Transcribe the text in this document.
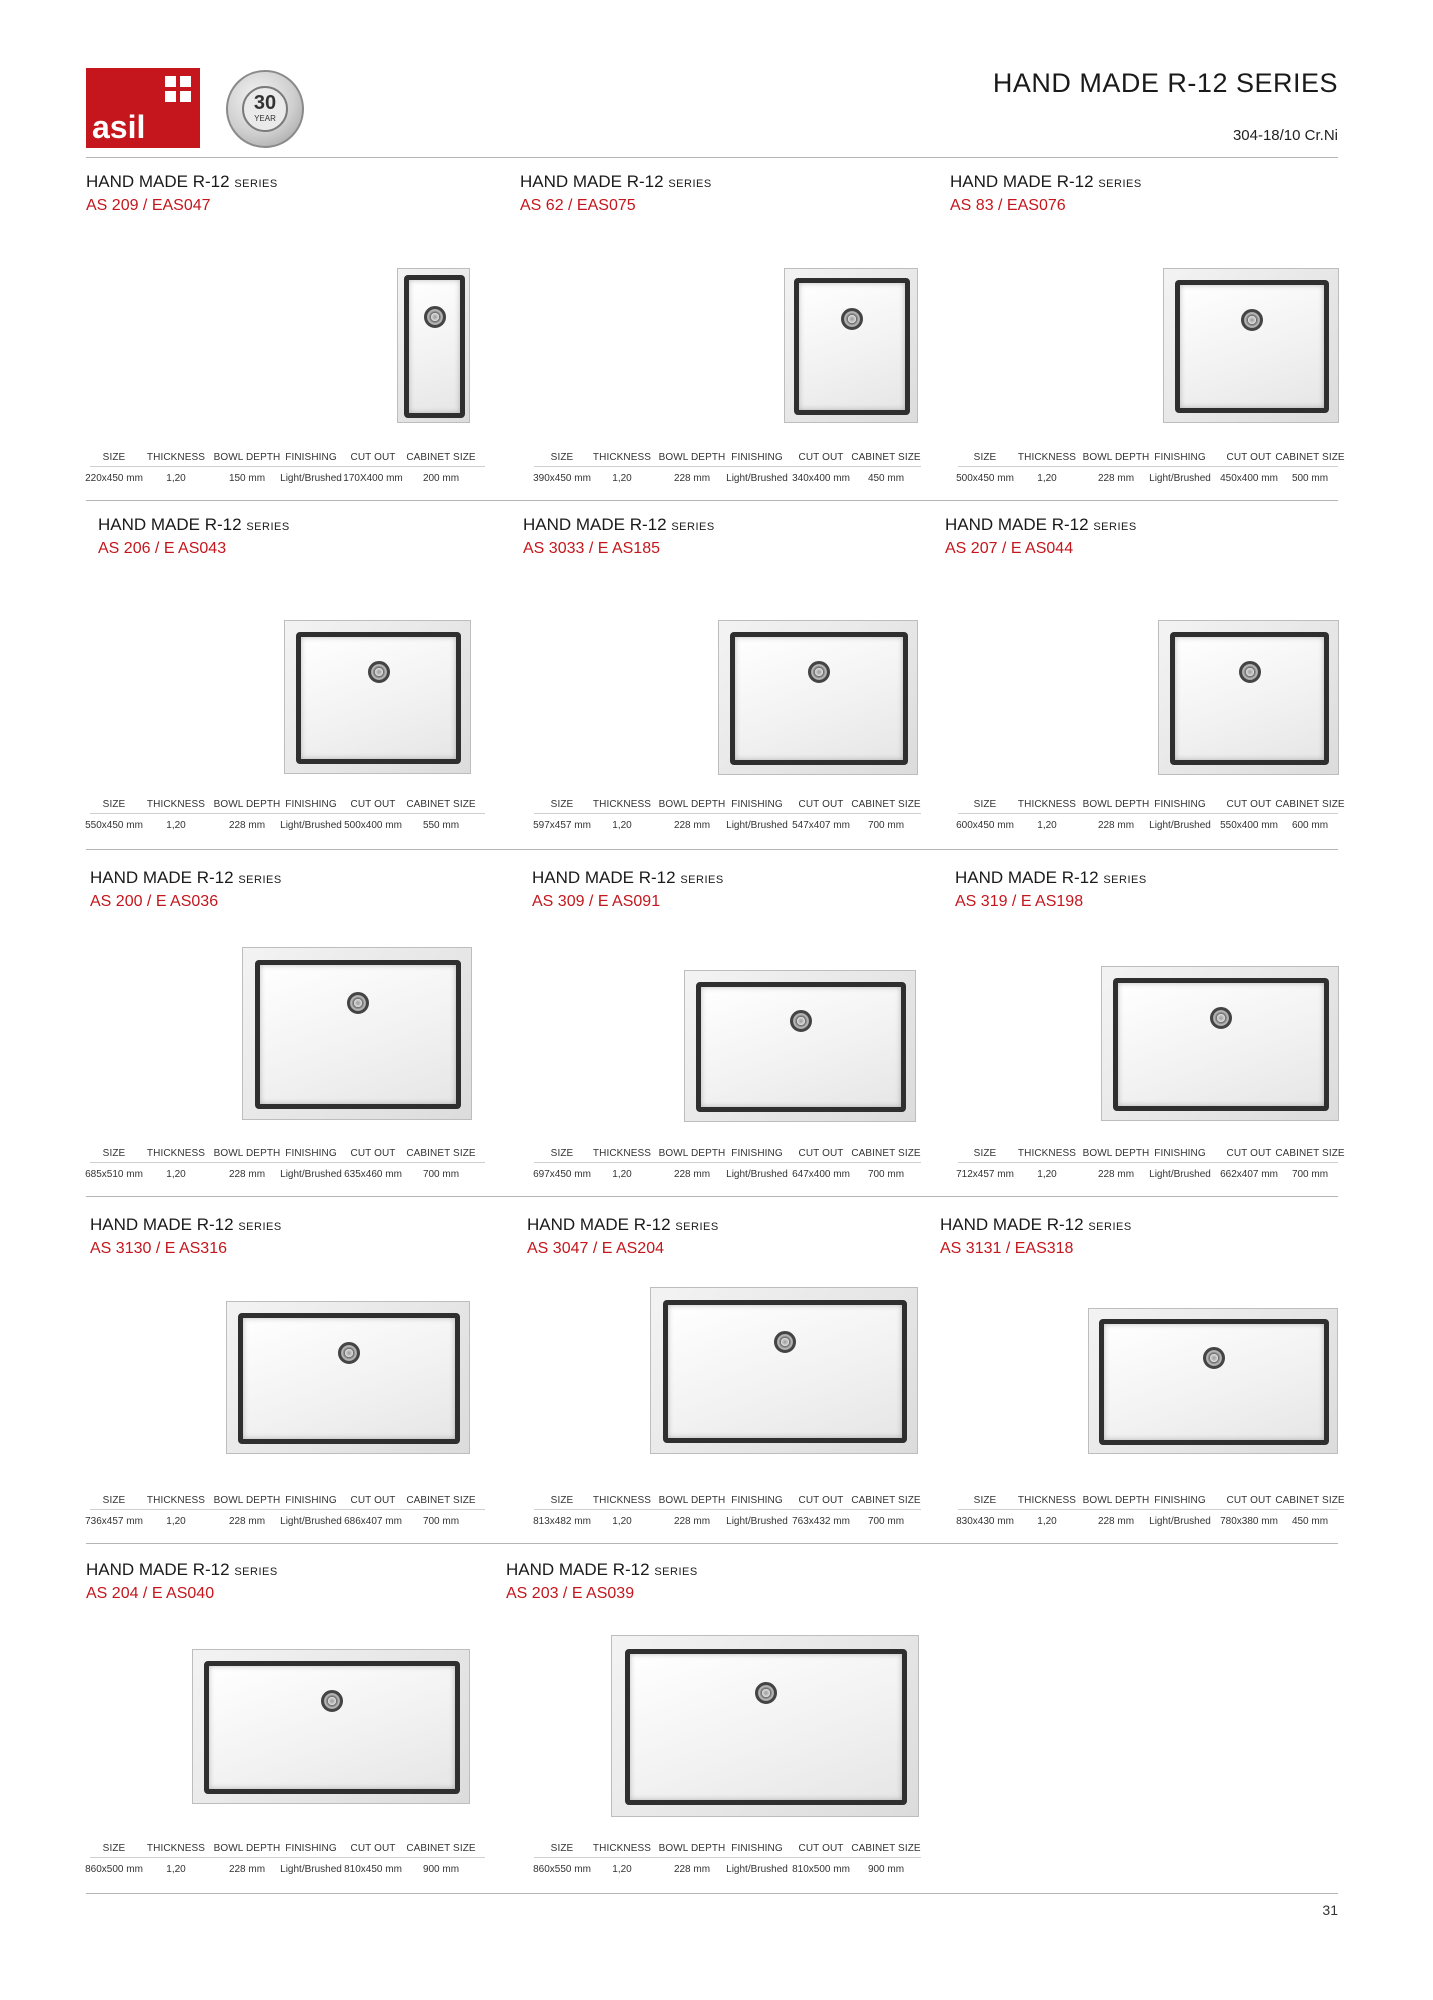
asil
30
YEAR
HAND MADE R-12 SERIES
304-18/10 Cr.Ni
HAND MADE R-12 SERIES
AS 209 / EAS047
SIZE
220x450 mm
THICKNESS
1,20
BOWL DEPTH
150 mm
FINISHING
Light/Brushed
CUT OUT
170X400 mm
CABINET SIZE
200 mm
HAND MADE R-12 SERIES
AS 62 / EAS075
SIZE
390x450 mm
THICKNESS
1,20
BOWL DEPTH
228 mm
FINISHING
Light/Brushed
CUT OUT
340x400 mm
CABINET SIZE
450 mm
HAND MADE R-12 SERIES
AS 83 / EAS076
SIZE
500x450 mm
THICKNESS
1,20
BOWL DEPTH
228 mm
FINISHING
Light/Brushed
CUT OUT
450x400 mm
CABINET SIZE
500 mm
HAND MADE R-12 SERIES
AS 206 / E AS043
SIZE
550x450 mm
THICKNESS
1,20
BOWL DEPTH
228 mm
FINISHING
Light/Brushed
CUT OUT
500x400 mm
CABINET SIZE
550 mm
HAND MADE R-12 SERIES
AS 3033 / E AS185
SIZE
597x457 mm
THICKNESS
1,20
BOWL DEPTH
228 mm
FINISHING
Light/Brushed
CUT OUT
547x407 mm
CABINET SIZE
700 mm
HAND MADE R-12 SERIES
AS 207 / E AS044
SIZE
600x450 mm
THICKNESS
1,20
BOWL DEPTH
228 mm
FINISHING
Light/Brushed
CUT OUT
550x400 mm
CABINET SIZE
600 mm
HAND MADE R-12 SERIES
AS 200 / E AS036
SIZE
685x510 mm
THICKNESS
1,20
BOWL DEPTH
228 mm
FINISHING
Light/Brushed
CUT OUT
635x460 mm
CABINET SIZE
700 mm
HAND MADE R-12 SERIES
AS 309 / E AS091
SIZE
697x450 mm
THICKNESS
1,20
BOWL DEPTH
228 mm
FINISHING
Light/Brushed
CUT OUT
647x400 mm
CABINET SIZE
700 mm
HAND MADE R-12 SERIES
AS 319 / E AS198
SIZE
712x457 mm
THICKNESS
1,20
BOWL DEPTH
228 mm
FINISHING
Light/Brushed
CUT OUT
662x407 mm
CABINET SIZE
700 mm
HAND MADE R-12 SERIES
AS 3130 / E AS316
SIZE
736x457 mm
THICKNESS
1,20
BOWL DEPTH
228 mm
FINISHING
Light/Brushed
CUT OUT
686x407 mm
CABINET SIZE
700 mm
HAND MADE R-12 SERIES
AS 3047 / E AS204
SIZE
813x482 mm
THICKNESS
1,20
BOWL DEPTH
228 mm
FINISHING
Light/Brushed
CUT OUT
763x432 mm
CABINET SIZE
700 mm
HAND MADE R-12 SERIES
AS 3131 / EAS318
SIZE
830x430 mm
THICKNESS
1,20
BOWL DEPTH
228 mm
FINISHING
Light/Brushed
CUT OUT
780x380 mm
CABINET SIZE
450 mm
HAND MADE R-12 SERIES
AS 204 / E AS040
SIZE
860x500 mm
THICKNESS
1,20
BOWL DEPTH
228 mm
FINISHING
Light/Brushed
CUT OUT
810x450 mm
CABINET SIZE
900 mm
HAND MADE R-12 SERIES
AS 203 / E AS039
SIZE
860x550 mm
THICKNESS
1,20
BOWL DEPTH
228 mm
FINISHING
Light/Brushed
CUT OUT
810x500 mm
CABINET SIZE
900 mm
31
